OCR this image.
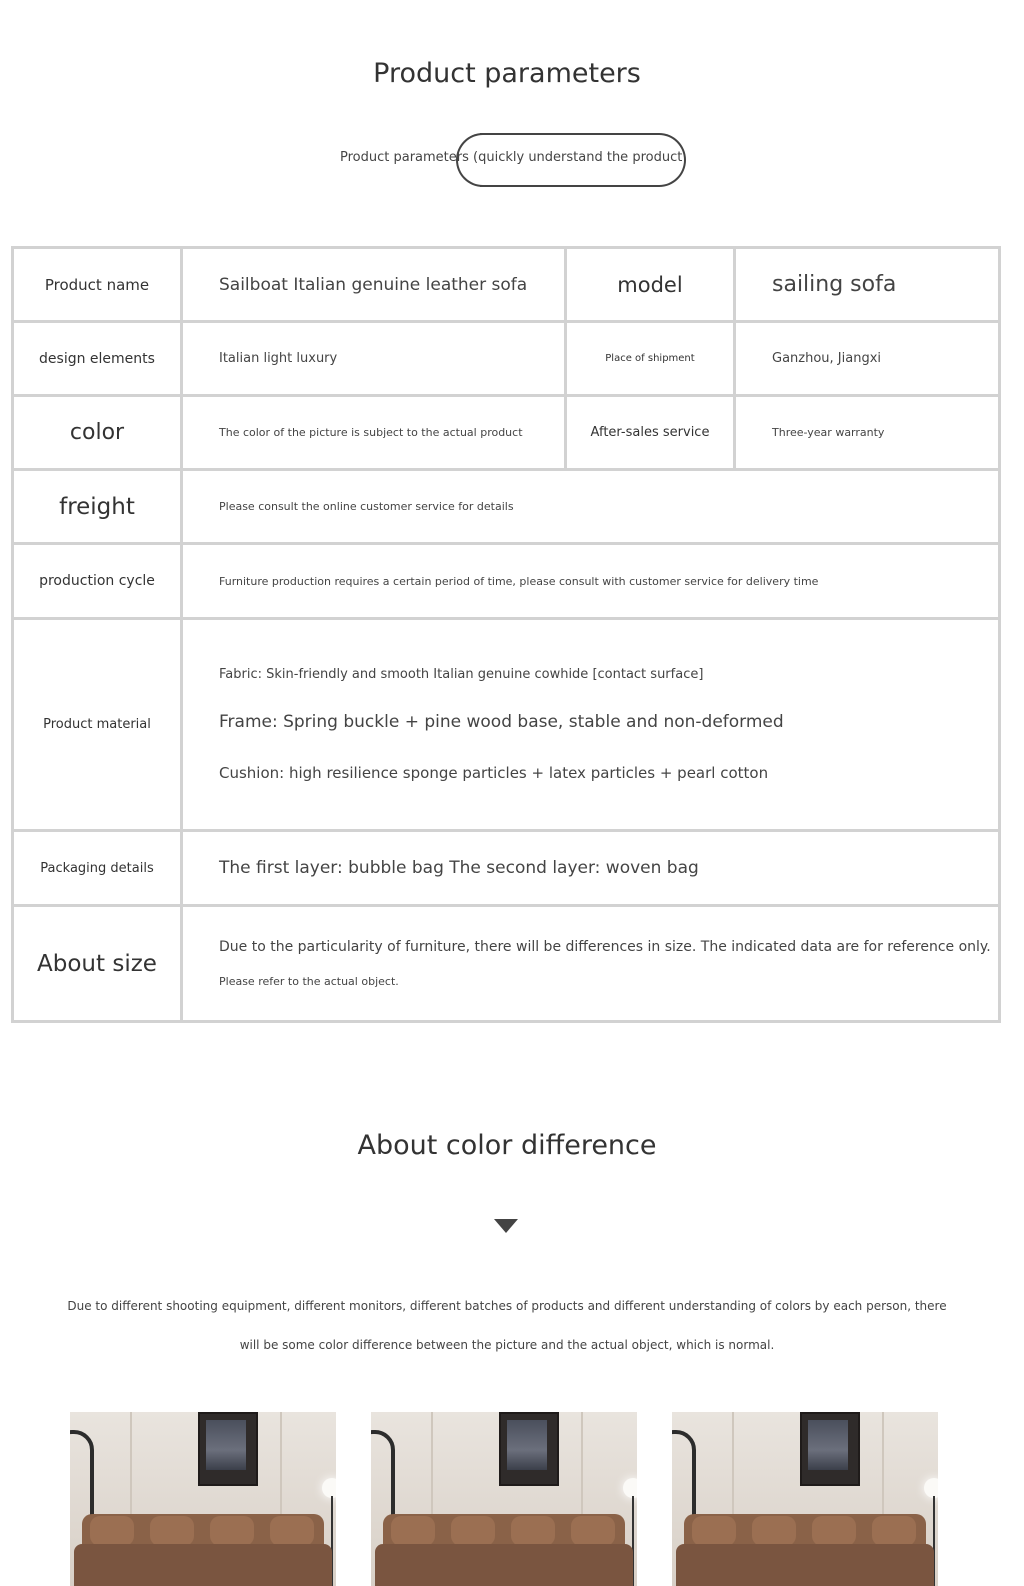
Product parameters
Product parameters (quickly understand the product
Product name	Sailboat Italian genuine leather sofa	model	sailing sofa
design elements	Italian light luxury	Place of shipment	Ganzhou, Jiangxi
color	The color of the picture is subject to the actual product	After-sales service	Three-year warranty
freight	Please consult the online customer service for details		
production cycle	Furniture production requires a certain period of time, please consult with customer service for delivery time		
Product material	Fabric: Skin-friendly and smooth Italian genuine cowhide [contact surface]
Frame: Spring buckle + pine wood base, stable and non-deformed
Cushion: high resilience sponge particles + latex particles + pearl cotton		

Packaging details	The first layer: bubble bag The second layer: woven bag		
About size	Due to the particularity of furniture, there will be differences in size. The indicated data are for reference only.
Please refer to the actual object.		
About color difference
Due to different shooting equipment, different monitors, different batches of products and different understanding of colors by each person, there
will be some color difference between the picture and the actual object, which is normal.
